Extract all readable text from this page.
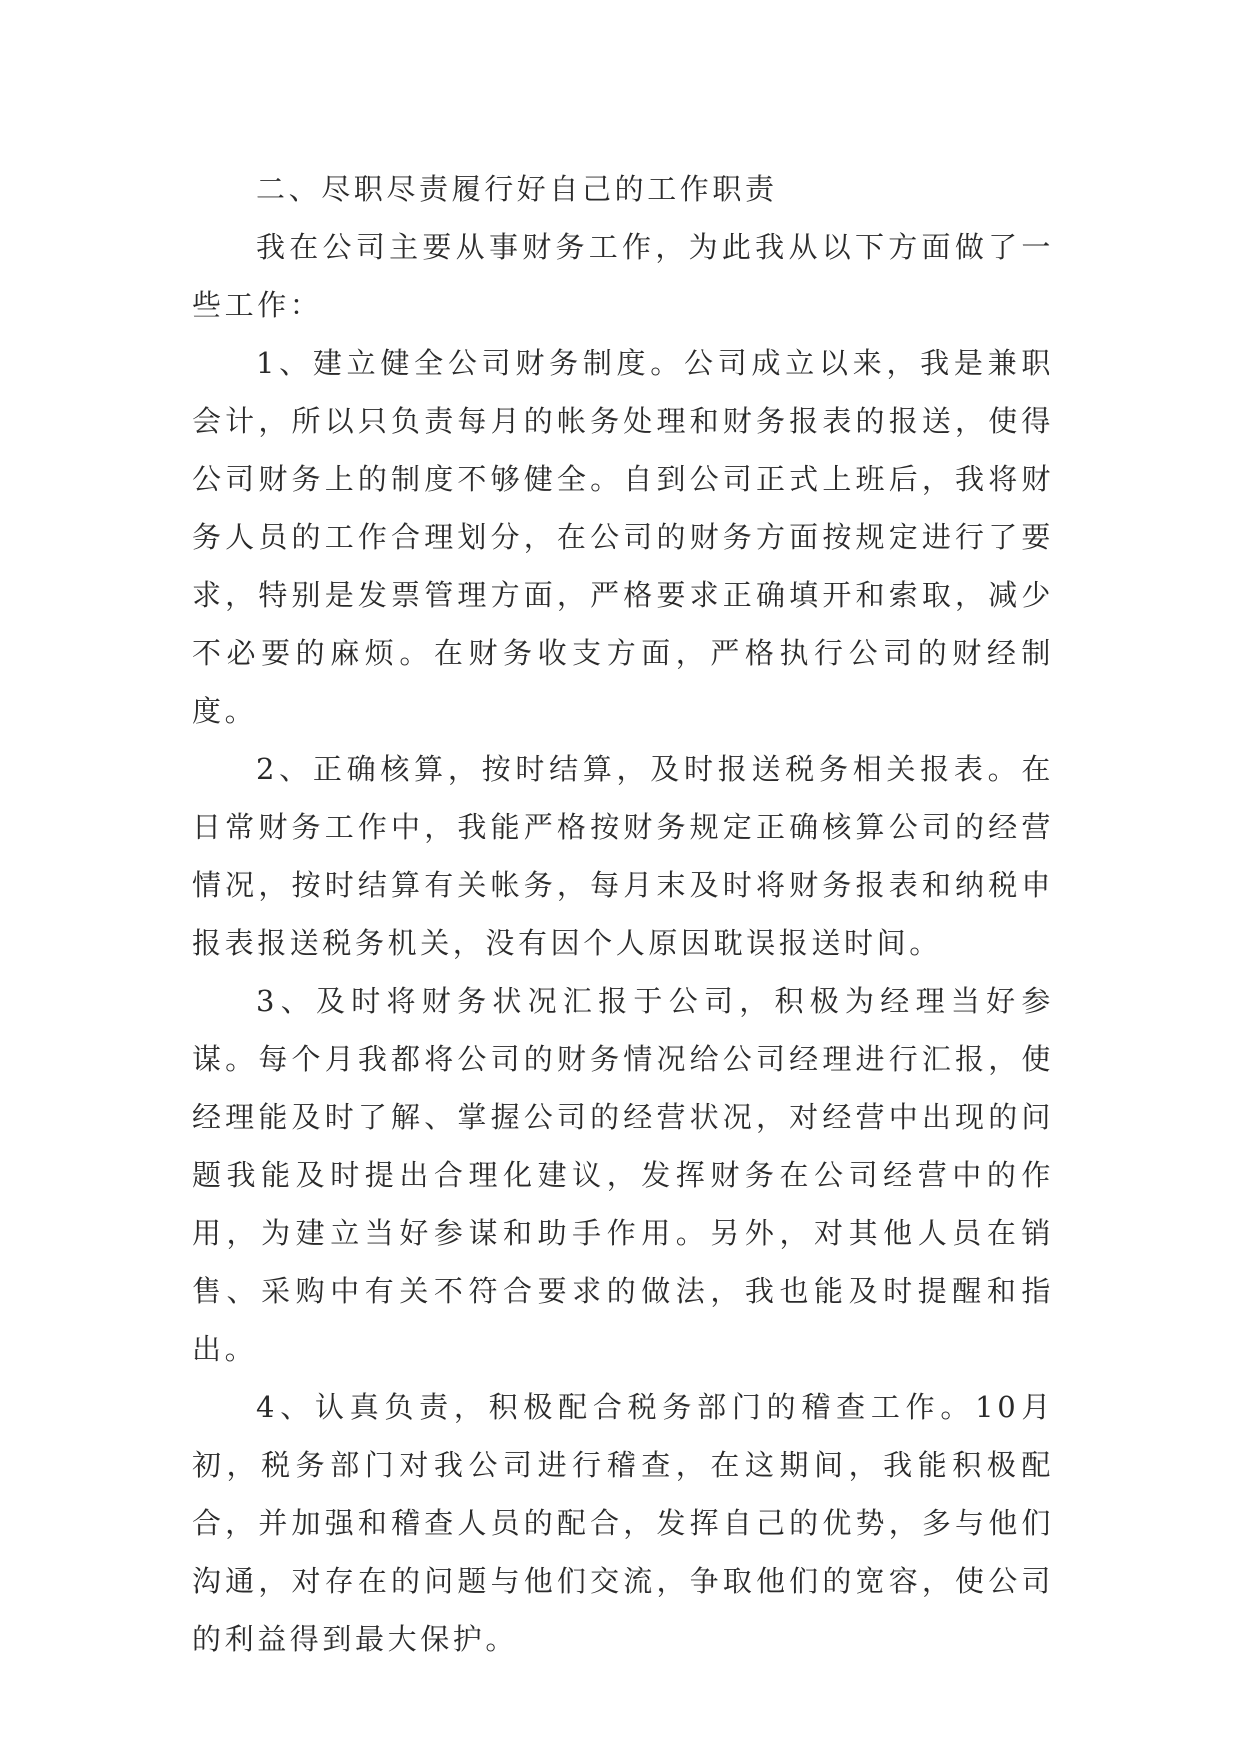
二、尽职尽责履行好自己的工作职责

我在公司主要从事财务工作，为此我从以下方面做了一些工作：

1、建立健全公司财务制度。公司成立以来，我是兼职会计，所以只负责每月的帐务处理和财务报表的报送，使得公司财务上的制度不够健全。自到公司正式上班后，我将财务人员的工作合理划分，在公司的财务方面按规定进行了要求，特别是发票管理方面，严格要求正确填开和索取，减少不必要的麻烦。在财务收支方面，严格执行公司的财经制度。

2、正确核算，按时结算，及时报送税务相关报表。在日常财务工作中，我能严格按财务规定正确核算公司的经营情况，按时结算有关帐务，每月末及时将财务报表和纳税申报表报送税务机关，没有因个人原因耽误报送时间。

3、及时将财务状况汇报于公司，积极为经理当好参谋。每个月我都将公司的财务情况给公司经理进行汇报，使经理能及时了解、掌握公司的经营状况，对经营中出现的问题我能及时提出合理化建议，发挥财务在公司经营中的作用，为建立当好参谋和助手作用。另外，对其他人员在销售、采购中有关不符合要求的做法，我也能及时提醒和指出。

4、认真负责，积极配合税务部门的稽查工作。10月初，税务部门对我公司进行稽查，在这期间，我能积极配合，并加强和稽查人员的配合，发挥自己的优势，多与他们沟通，对存在的问题与他们交流，争取他们的宽容，使公司的利益得到最大保护。
